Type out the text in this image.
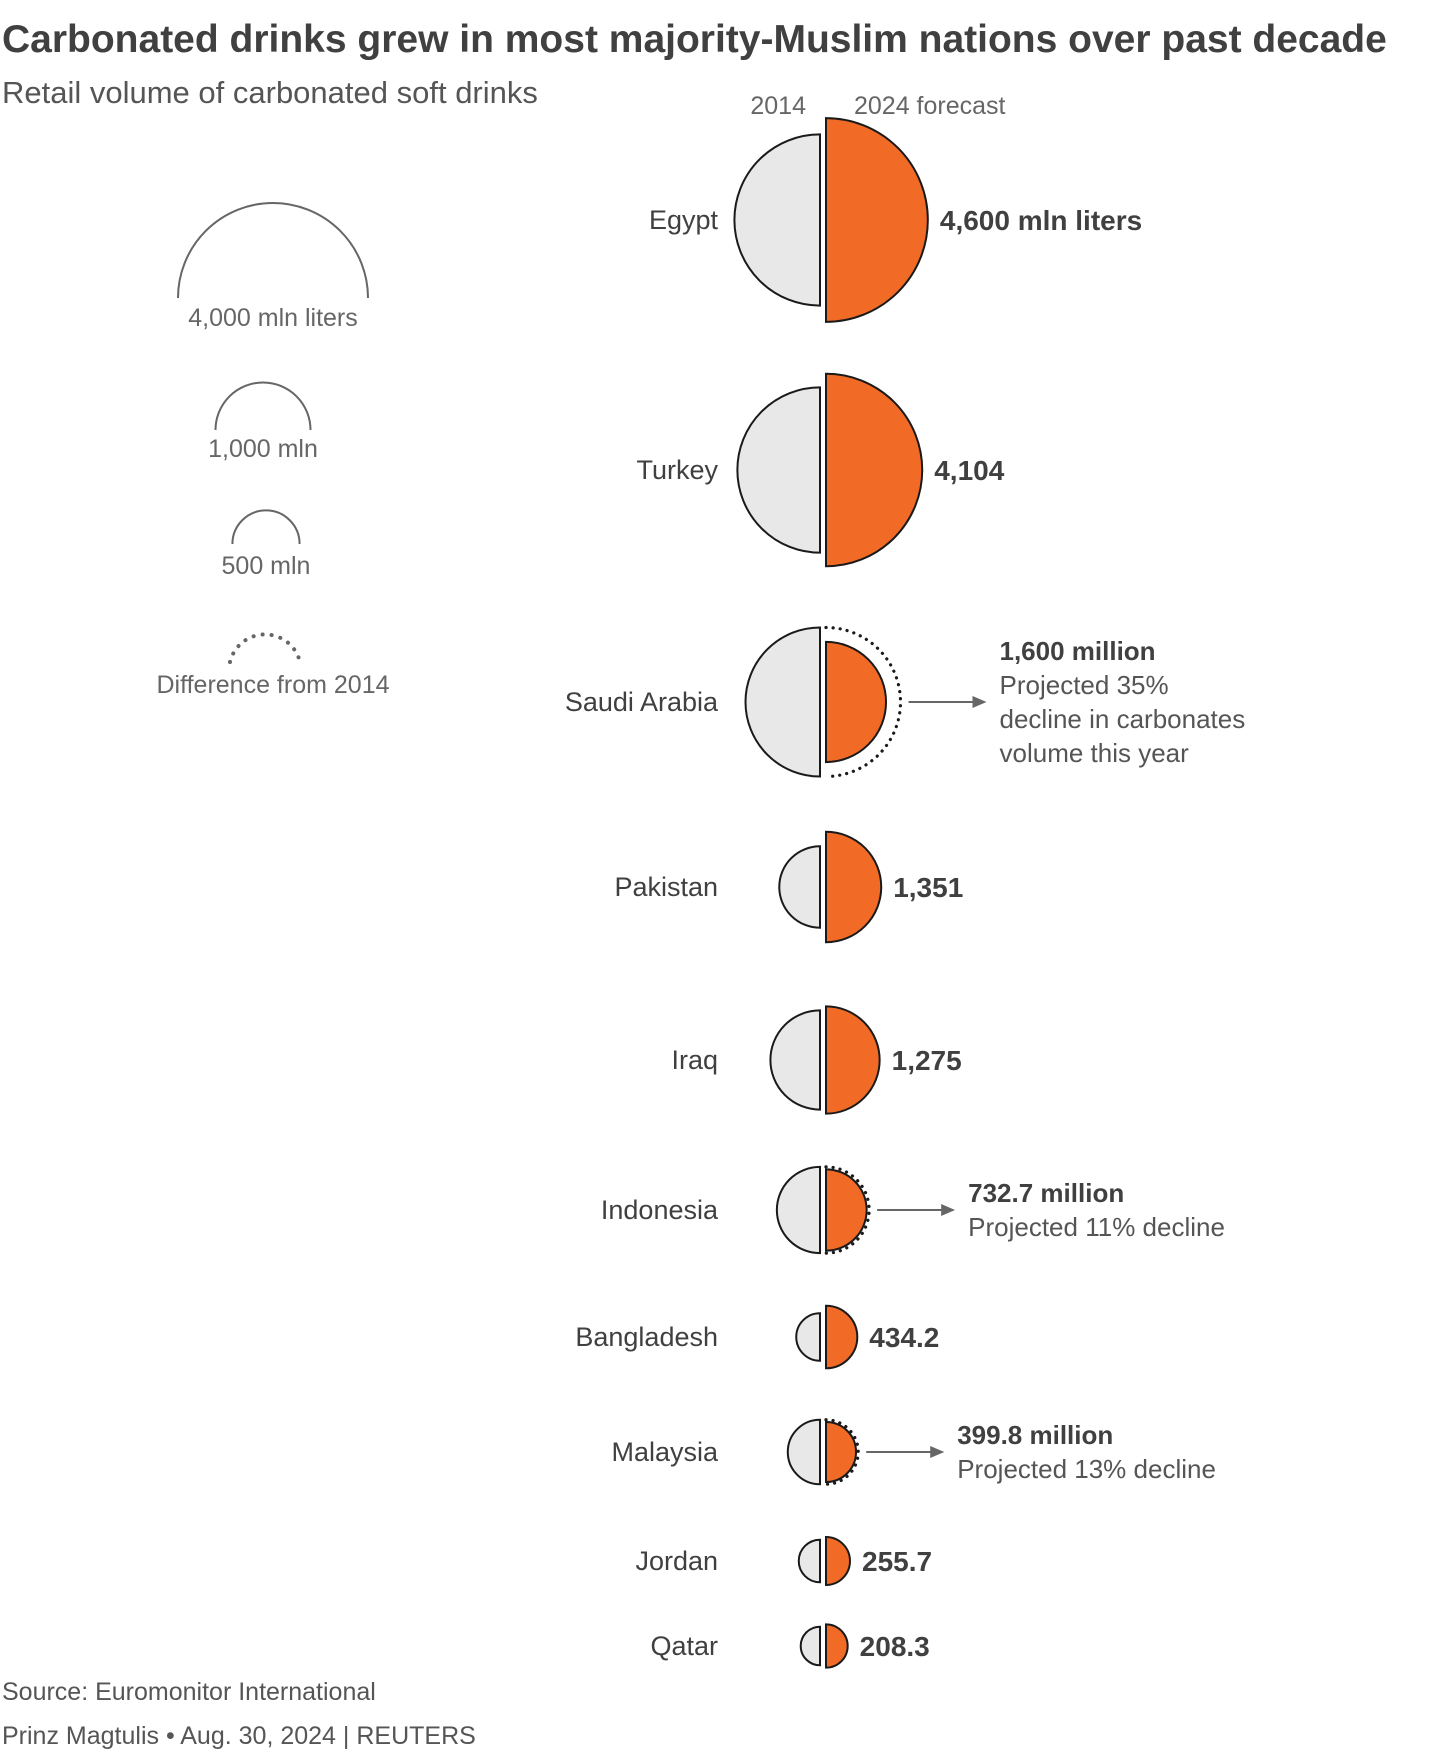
Carbonated drinks grew in most majority-Muslim nations over past decade
Retail volume of carbonated soft drinks	2014 2024 forecast
4,000 mln liters
1,000 mln
500 mln
Difference from 2014
Egypt	4,600 mln liters
Turkey	4,104
Saudi Arabia
1,600 million
Projected 35%
decline in carbonates
volume this year
Pakistan	1,351
Iraq	1,275
Indonesia
732.7 million
Projected 11% decline
Bangladesh	434.2
Malaysia
399.8 million
Projected 13% decline
Jordan	255.7
Qatar	208.3
Source: Euromonitor International
Prinz Magtulis • Aug. 30, 2024 | REUTERS
